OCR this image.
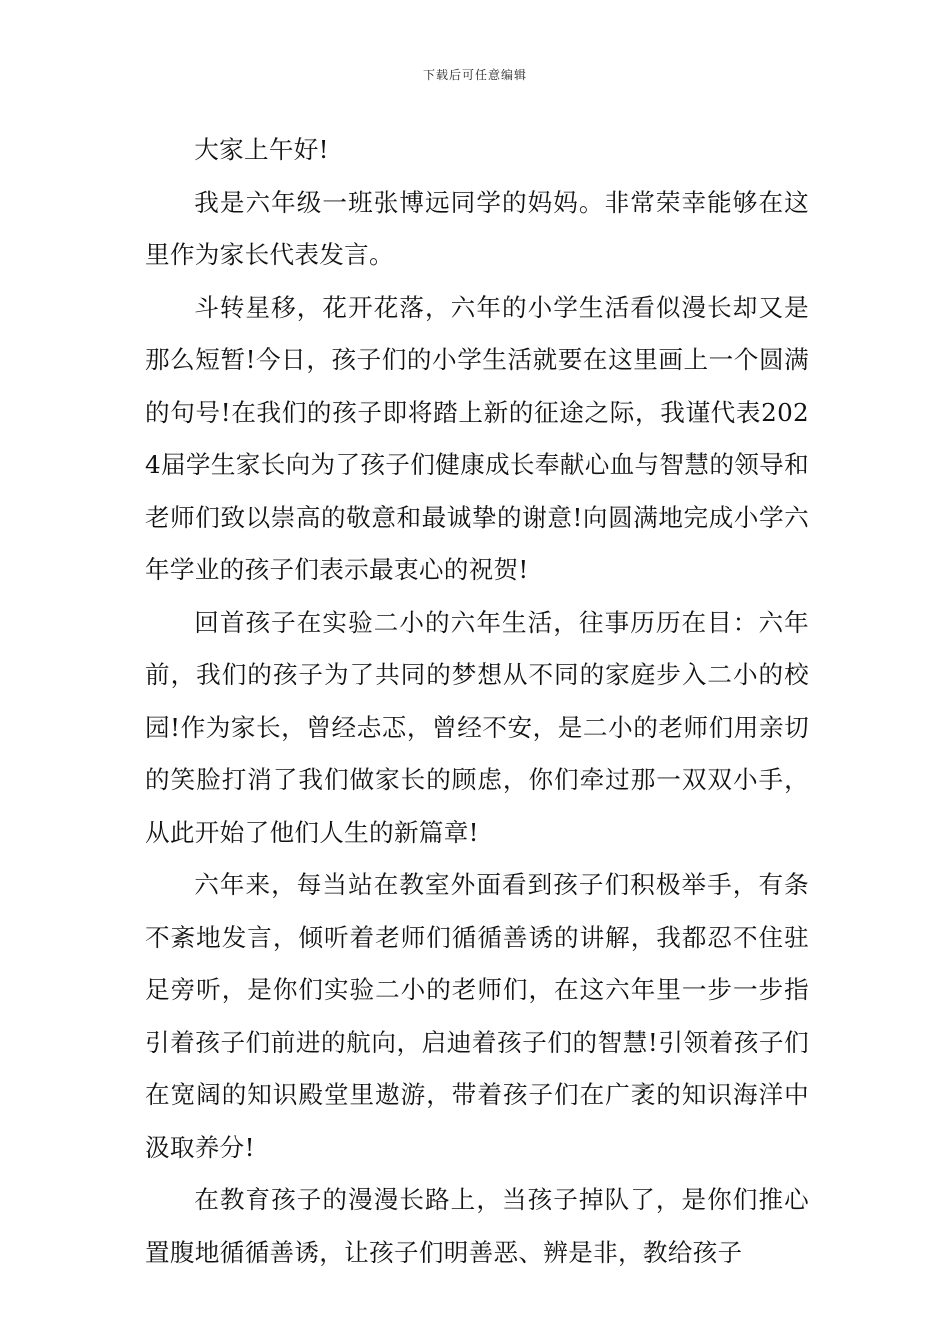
下载后可任意编辑

大家上午好!

我是六年级一班张博远同学的妈妈。非常荣幸能够在这里作为家长代表发言。

斗转星移，花开花落，六年的小学生活看似漫长却又是那么短暂!今日，孩子们的小学生活就要在这里画上一个圆满的句号!在我们的孩子即将踏上新的征途之际，我谨代表2024届学生家长向为了孩子们健康成长奉献心血与智慧的领导和老师们致以崇高的敬意和最诚挚的谢意!向圆满地完成小学六年学业的孩子们表示最衷心的祝贺!

回首孩子在实验二小的六年生活，往事历历在目：六年前，我们的孩子为了共同的梦想从不同的家庭步入二小的校园!作为家长，曾经忐忑，曾经不安，是二小的老师们用亲切的笑脸打消了我们做家长的顾虑，你们牵过那一双双小手，从此开始了他们人生的新篇章!

六年来，每当站在教室外面看到孩子们积极举手，有条不紊地发言，倾听着老师们循循善诱的讲解，我都忍不住驻足旁听，是你们实验二小的老师们，在这六年里一步一步指引着孩子们前进的航向，启迪着孩子们的智慧!引领着孩子们在宽阔的知识殿堂里遨游，带着孩子们在广袤的知识海洋中汲取养分!

在教育孩子的漫漫长路上，当孩子掉队了，是你们推心置腹地循循善诱，让孩子们明善恶、辨是非，教给孩子
